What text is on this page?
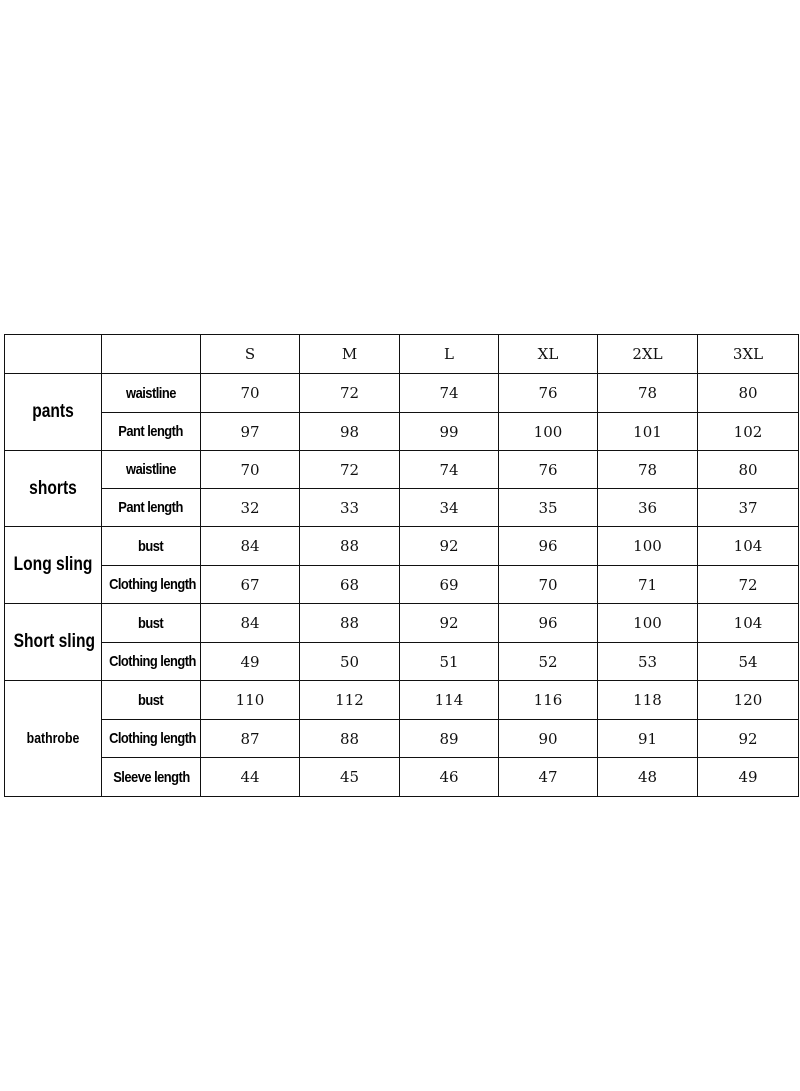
		S	M	L	XL	2XL	3XL

pants	waistline	70	72	74	76	78	80
	Pant length	97	98	99	100	101	102

shorts	waistline	70	72	74	76	78	80
	Pant length	32	33	34	35	36	37

Long sling	bust	84	88	92	96	100	104
	Clothing length	67	68	69	70	71	72

Short sling	bust	84	88	92	96	100	104
	Clothing length	49	50	51	52	53	54

bathrobe	bust	110	112	114	116	118	120
	Clothing length	87	88	89	90	91	92
	Sleeve length	44	45	46	47	48	49
